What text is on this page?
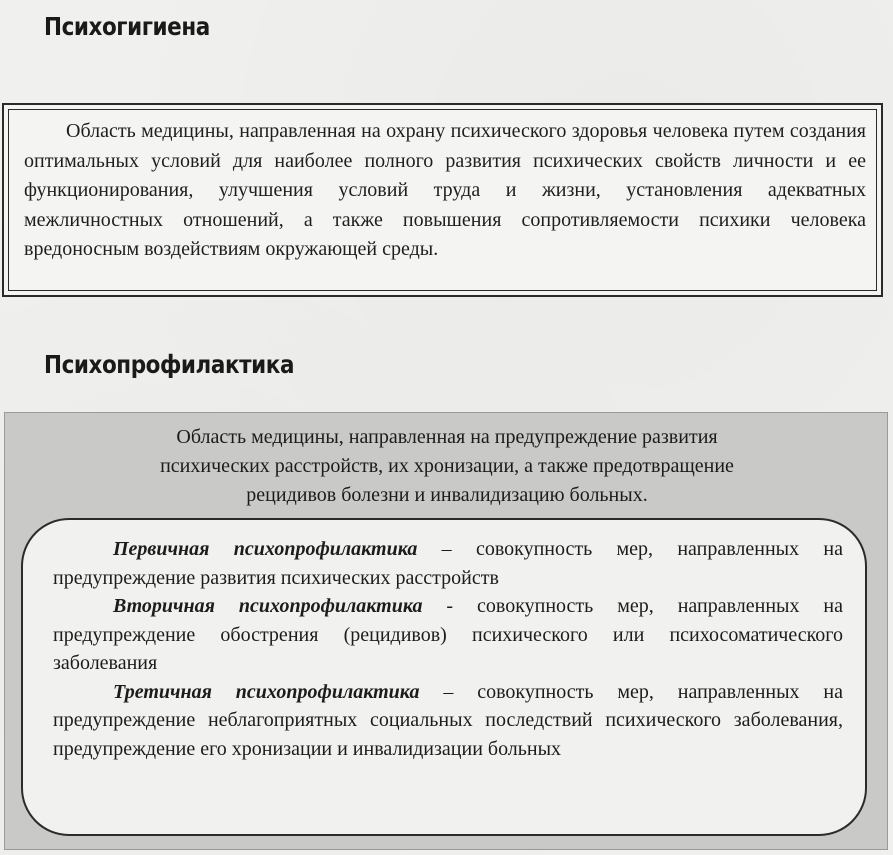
Психогигиена
Область медицины, направленная на охрану психического здоровья человека путем создания оптимальных условий для наиболее полного развития психических свойств личности и ее функционирования, улучшения условий труда и жизни, установления адекватных межличностных отношений, а также повышения сопротивляемости психики человека вредоносным воздействиям окружающей среды.
Психопрофилактика
Область медицины, направленная на предупреждение развития
психических расстройств, их хронизации, а также предотвращение
рецидивов болезни и инвалидизацию больных.

Первичная психопрофилактика – совокупность мер, направленных на предупреждение развития психических расстройств

Вторичная психопрофилактика - совокупность мер, направленных на предупреждение обострения (рецидивов) психического или психосоматического заболевания

Третичная психопрофилактика – совокупность мер, направленных на предупреждение неблагоприятных социальных последствий психического заболевания, предупреждение его хронизации и инвалидизации больных
